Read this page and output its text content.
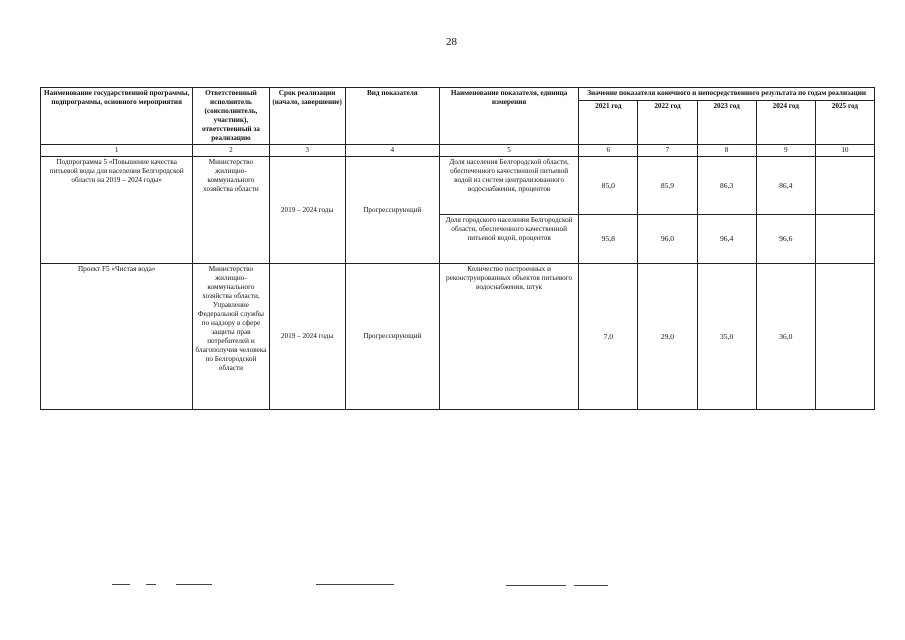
28
Наименование государственной программы, подпрограммы, основного мероприятия	Ответственный исполнитель (соисполнитель, участник), ответственный за реализацию	Срок реализации (начало, завершение)	Вид показателя	Наименование показателя, единица измерения	Значение показателя конечного и непосредственного результата по годам реализации				
					2021 год	2022 год	2023 год	2024 год	2025 год
1	2	3	4	5	6	7	8	9	10
Подпрограмма 5 «Повышение качества питьевой воды для населения Белгородской области на 2019 – 2024 годы»	Министерство жилищно-коммунального хозяйства области	2019 – 2024 годы	Прогрессирующий	Доля населения Белгородской области, обеспеченного качественной питьевой водой из систем централизованного водоснабжения, процентов	85,0	85,9	86,3	86,4	
				Доля городского населения Белгородской области, обеспеченного качественной питьевой водой, процентов	95,8	96,0	96,4	96,6	
Проект F5 «Чистая вода»	Министерство жилищно-коммунального хозяйства области, Управление Федеральной службы по надзору в сфере защиты прав потребителей и благополучия человека по Белгородской области	2019 – 2024 годы	Прогрессирующий	Количество построенных и реконструированных объектов питьевого водоснабжения, штук	7,0	29,0	35,0	36,0	
